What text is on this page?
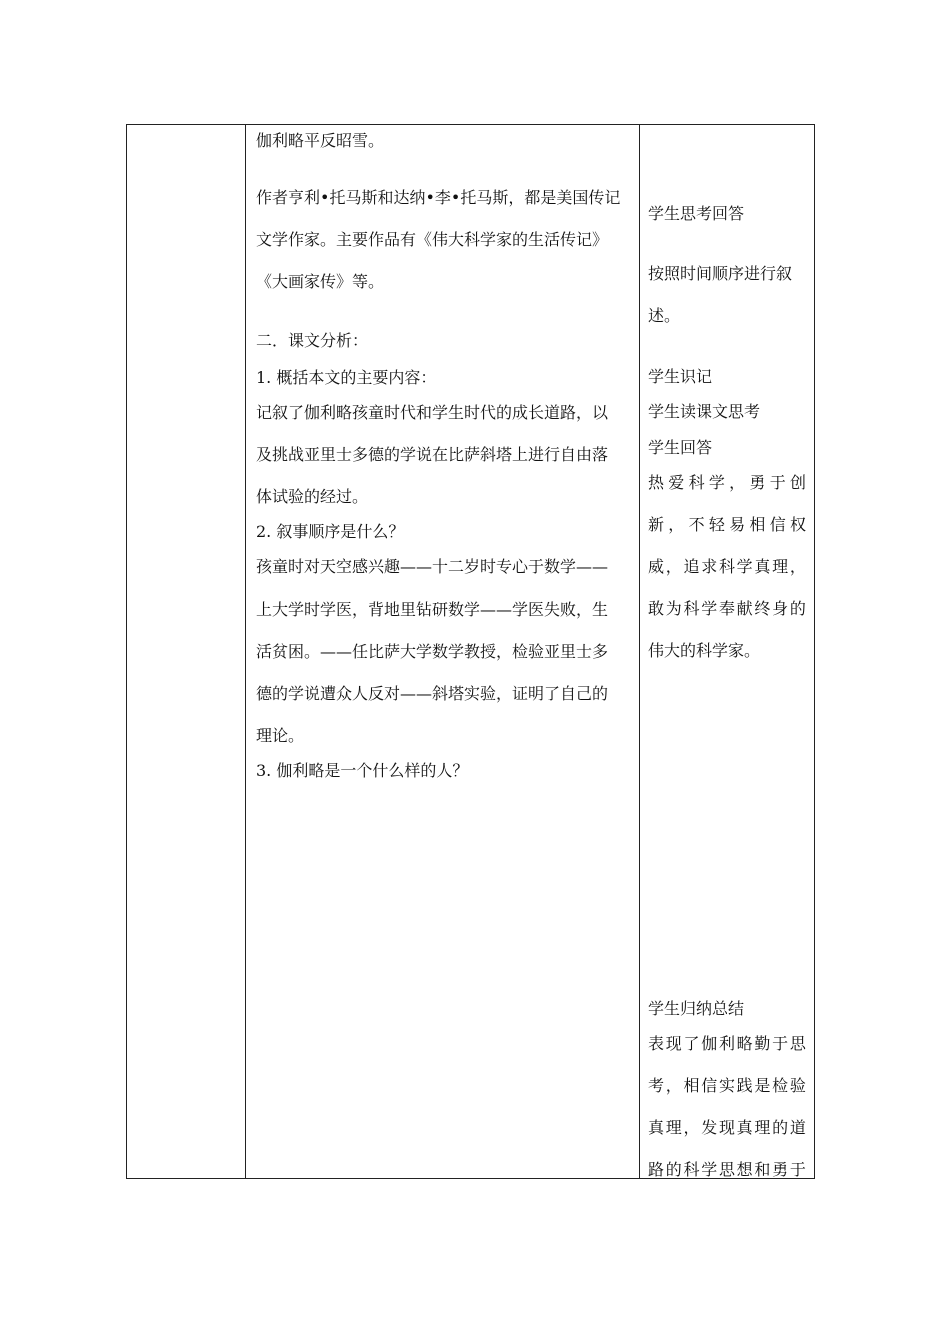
伽利略平反昭雪。
作者亨利•托马斯和达纳•李•托马斯，都是美国传记
文学作家。主要作品有《伟大科学家的生活传记》
《大画家传》等。
二．课文分析：
1. 概括本文的主要内容：
记叙了伽利略孩童时代和学生时代的成长道路，以
及挑战亚里士多德的学说在比萨斜塔上进行自由落
体试验的经过。
2. 叙事顺序是什么？
孩童时对天空感兴趣——十二岁时专心于数学——
上大学时学医，背地里钻研数学——学医失败，生
活贫困。——任比萨大学数学教授，检验亚里士多
德的学说遭众人反对——斜塔实验，证明了自己的
理论。
3. 伽利略是一个什么样的人？
学生思考回答
按照时间顺序进行叙
述。
学生识记
学生读课文思考
学生回答
热 爱 科 学 ， 勇 于 创
新 ， 不 轻 易 相 信 权
威 ， 追 求 科 学 真 理 ，
敢 为 科 学 奉 献 终 身 的
伟大的科学家。
学生归纳总结
表 现 了 伽 利 略 勤 于 思
考 ， 相 信 实 践 是 检 验
真 理 ， 发 现 真 理 的 道
路 的 科 学 思 想 和 勇 于
